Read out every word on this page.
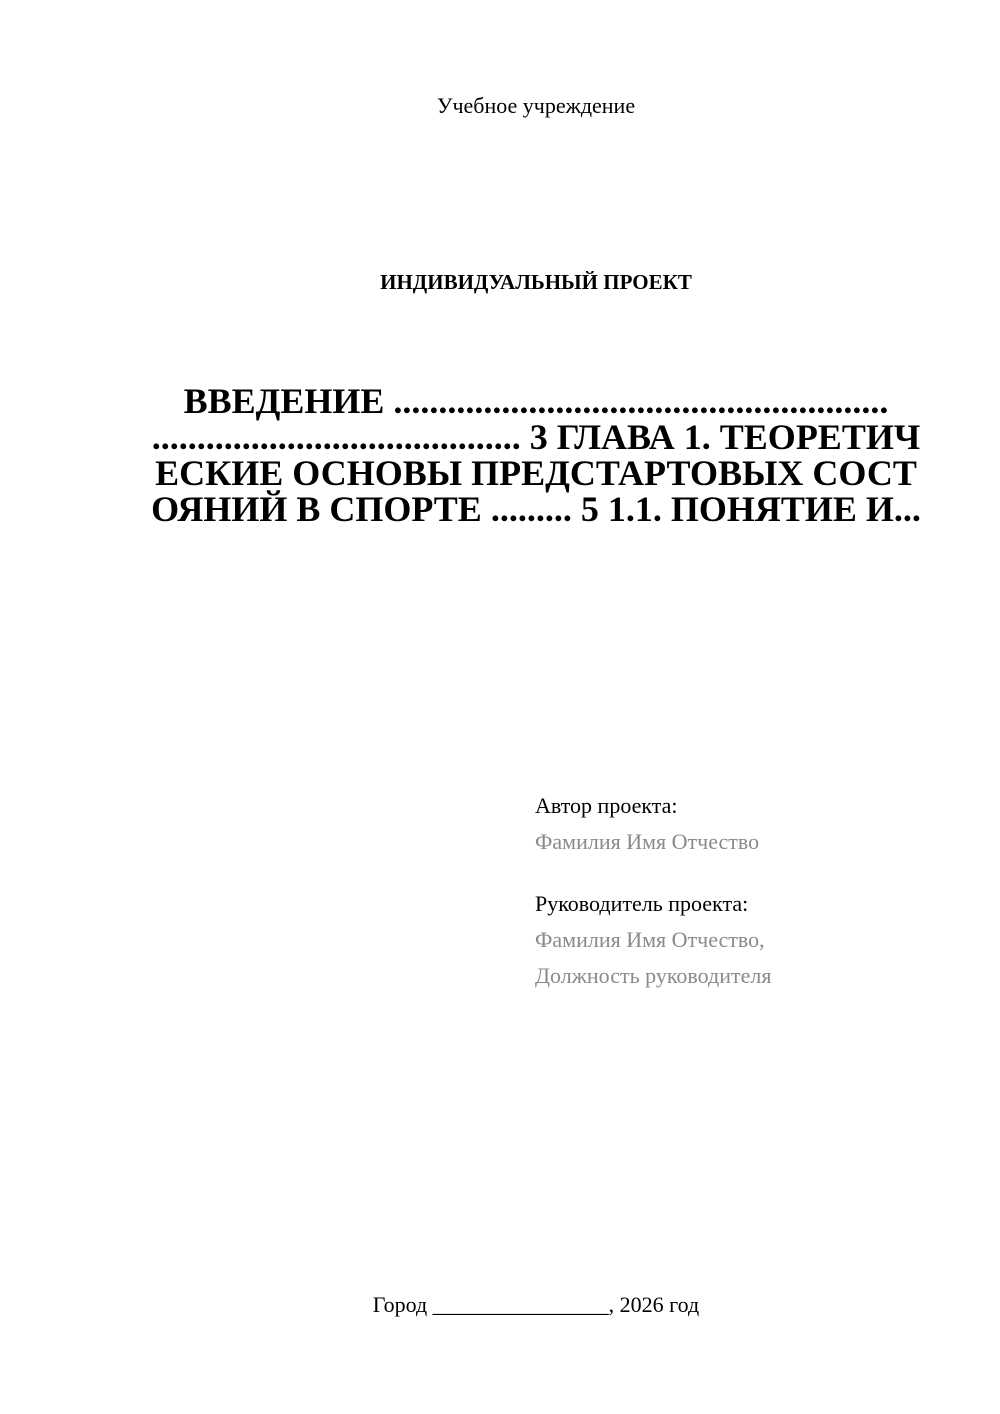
Учебное учреждение
ИНДИВИДУАЛЬНЫЙ ПРОЕКТ
ВВЕДЕНИЕ ....................................................... ......................................... 3 ГЛАВА 1. ТЕОРЕТИЧЕСКИЕ ОСНОВЫ ПРЕДСТАРТОВЫХ СОСТОЯНИЙ В СПОРТЕ ......... 5 1.1. ПОНЯТИЕ И...
Автор проекта:
Фамилия Имя Отчество
Руководитель проекта:
Фамилия Имя Отчество,
Должность руководителя
Город ________________, 2026 год
